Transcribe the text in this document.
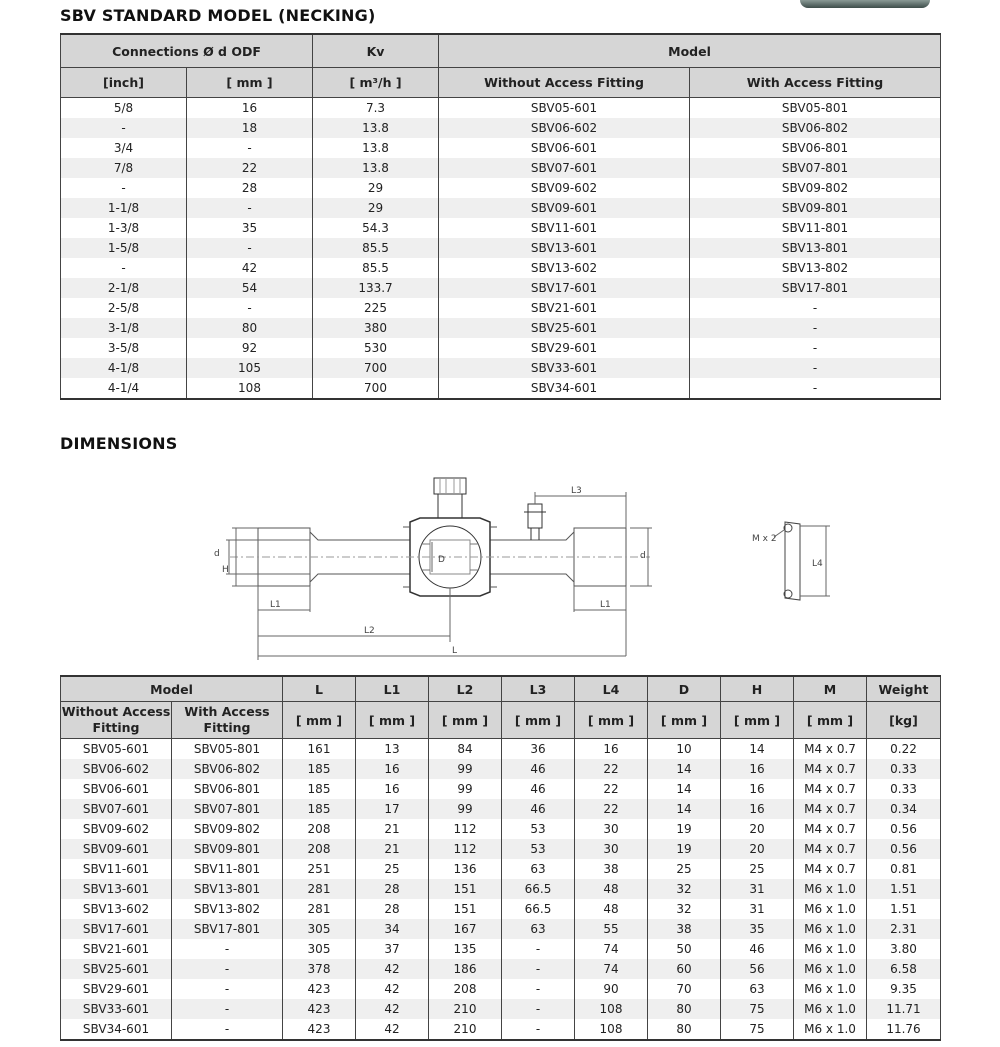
SBV STANDARD MODEL (NECKING)
Connections Ø d ODF		Kv	Model	
[inch]	[ mm ]	[ m³/h ]	Without Access Fitting	With Access Fitting
5/8	16	7.3	SBV05-601	SBV05-801
-	18	13.8	SBV06-602	SBV06-802
3/4	-	13.8	SBV06-601	SBV06-801
7/8	22	13.8	SBV07-601	SBV07-801
-	28	29	SBV09-602	SBV09-802
1-1/8	-	29	SBV09-601	SBV09-801
1-3/8	35	54.3	SBV11-601	SBV11-801
1-5/8	-	85.5	SBV13-601	SBV13-801
-	42	85.5	SBV13-602	SBV13-802
2-1/8	54	133.7	SBV17-601	SBV17-801
2-5/8	-	225	SBV21-601	-
3-1/8	80	380	SBV25-601	-
3-5/8	92	530	SBV29-601	-
4-1/8	105	700	SBV33-601	-
4-1/4	108	700	SBV34-601	-
DIMENSIONS
d
H
D	d
L1	L1
L2
L
L3
M x 2
L4
Model		L	L1	L2	L3	L4	D	H	M	Weight
Without Access Fitting	With Access Fitting	[ mm ]	[ mm ]	[ mm ]	[ mm ]	[ mm ]	[ mm ]	[ mm ]	[ mm ]	[kg]
SBV05-601	SBV05-801	161	13	84	36	16	10	14	M4 x 0.7	0.22
SBV06-602	SBV06-802	185	16	99	46	22	14	16	M4 x 0.7	0.33
SBV06-601	SBV06-801	185	16	99	46	22	14	16	M4 x 0.7	0.33
SBV07-601	SBV07-801	185	17	99	46	22	14	16	M4 x 0.7	0.34
SBV09-602	SBV09-802	208	21	112	53	30	19	20	M4 x 0.7	0.56
SBV09-601	SBV09-801	208	21	112	53	30	19	20	M4 x 0.7	0.56
SBV11-601	SBV11-801	251	25	136	63	38	25	25	M4 x 0.7	0.81
SBV13-601	SBV13-801	281	28	151	66.5	48	32	31	M6 x 1.0	1.51
SBV13-602	SBV13-802	281	28	151	66.5	48	32	31	M6 x 1.0	1.51
SBV17-601	SBV17-801	305	34	167	63	55	38	35	M6 x 1.0	2.31
SBV21-601	-	305	37	135	-	74	50	46	M6 x 1.0	3.80
SBV25-601	-	378	42	186	-	74	60	56	M6 x 1.0	6.58
SBV29-601	-	423	42	208	-	90	70	63	M6 x 1.0	9.35
SBV33-601	-	423	42	210	-	108	80	75	M6 x 1.0	11.71
SBV34-601	-	423	42	210	-	108	80	75	M6 x 1.0	11.76
